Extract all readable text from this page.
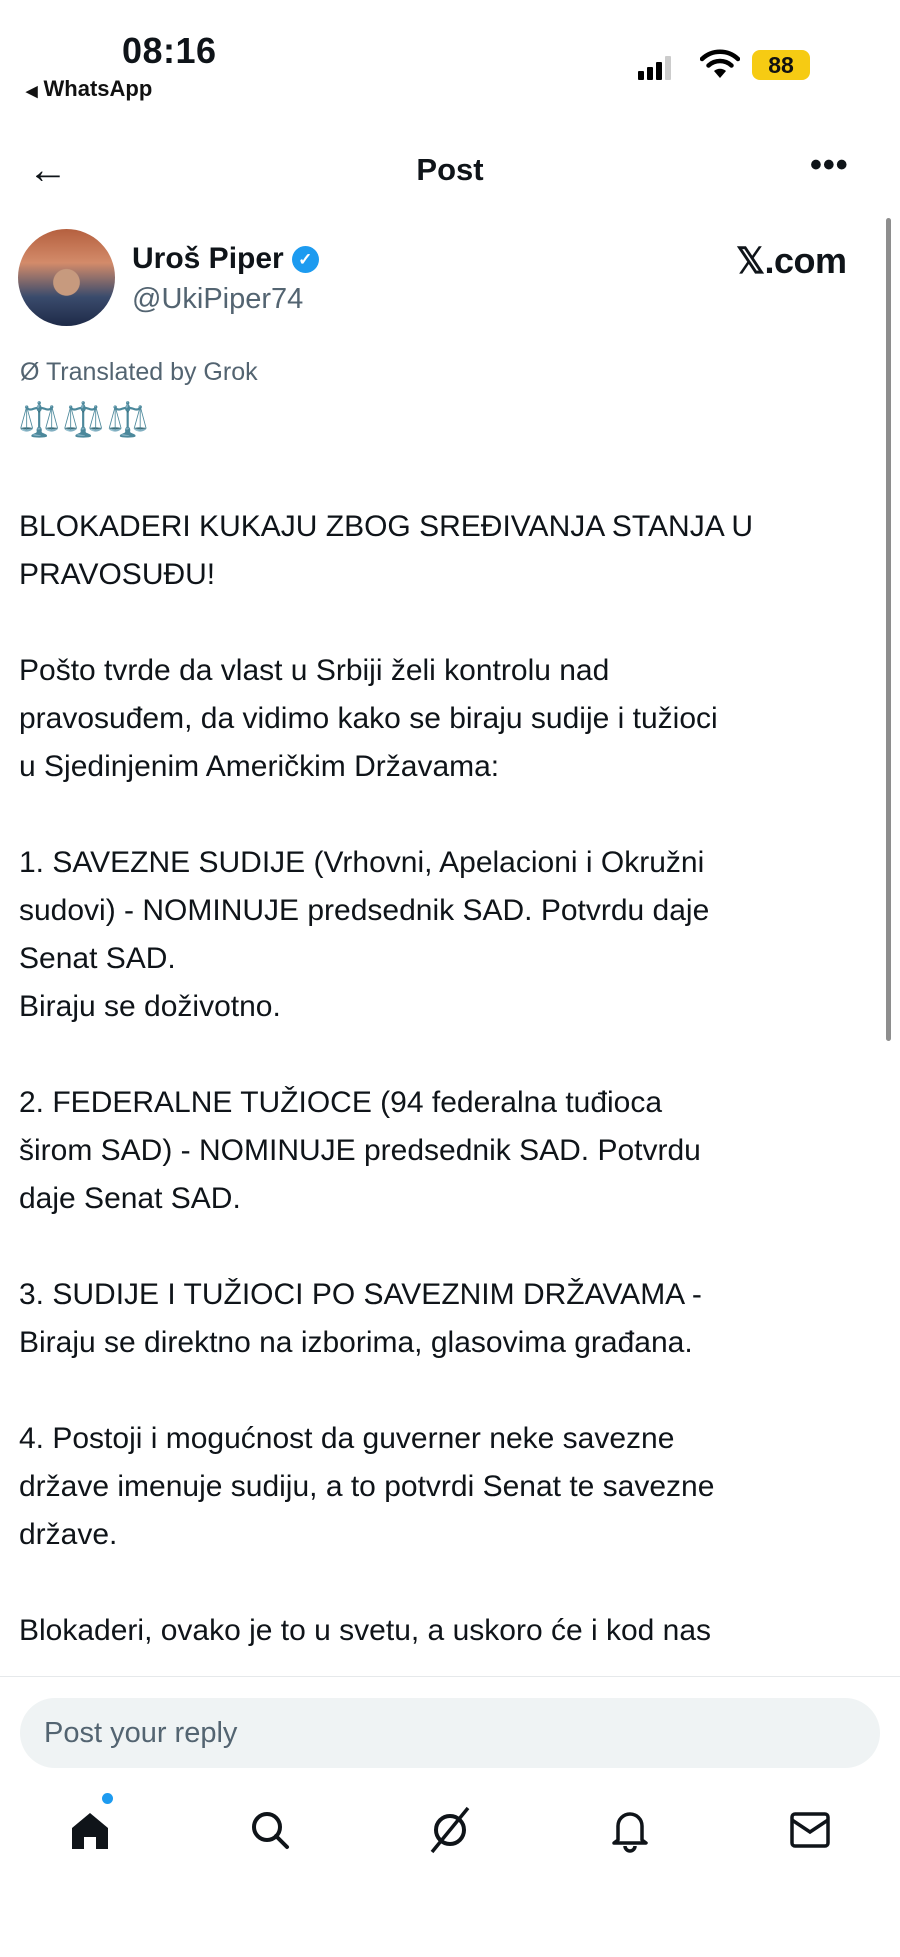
08:16
◀ WhatsApp
88
←	Post	•••
Uroš Piper ✓
@UkiPiper74
𝕏.com
Ø Translated by Grok
⚖️⚖️⚖️
BLOKADERI KUKAJU ZBOG SREĐIVANJA STANJA U
PRAVOSUĐU!
Pošto tvrde da vlast u Srbiji želi kontrolu nad
pravosuđem, da vidimo kako se biraju sudije i tužioci
u Sjedinjenim Američkim Državama:
1. SAVEZNE SUDIJE (Vrhovni, Apelacioni i Okružni
sudovi) - NOMINUJE predsednik SAD. Potvrdu daje
Senat SAD.
Biraju se doživotno.
2. FEDERALNE TUŽIOCE (94 federalna tuđioca
širom SAD) - NOMINUJE predsednik SAD. Potvrdu
daje Senat SAD.
3. SUDIJE I TUŽIOCI PO SAVEZNIM DRŽAVAMA -
Biraju se direktno na izborima, glasovima građana.
4. Postoji i mogućnost da guverner neke savezne
države imenuje sudiju, a to potvrdi Senat te savezne
države.
Blokaderi, ovako je to u svetu, a uskoro će i kod nas
Post your reply
